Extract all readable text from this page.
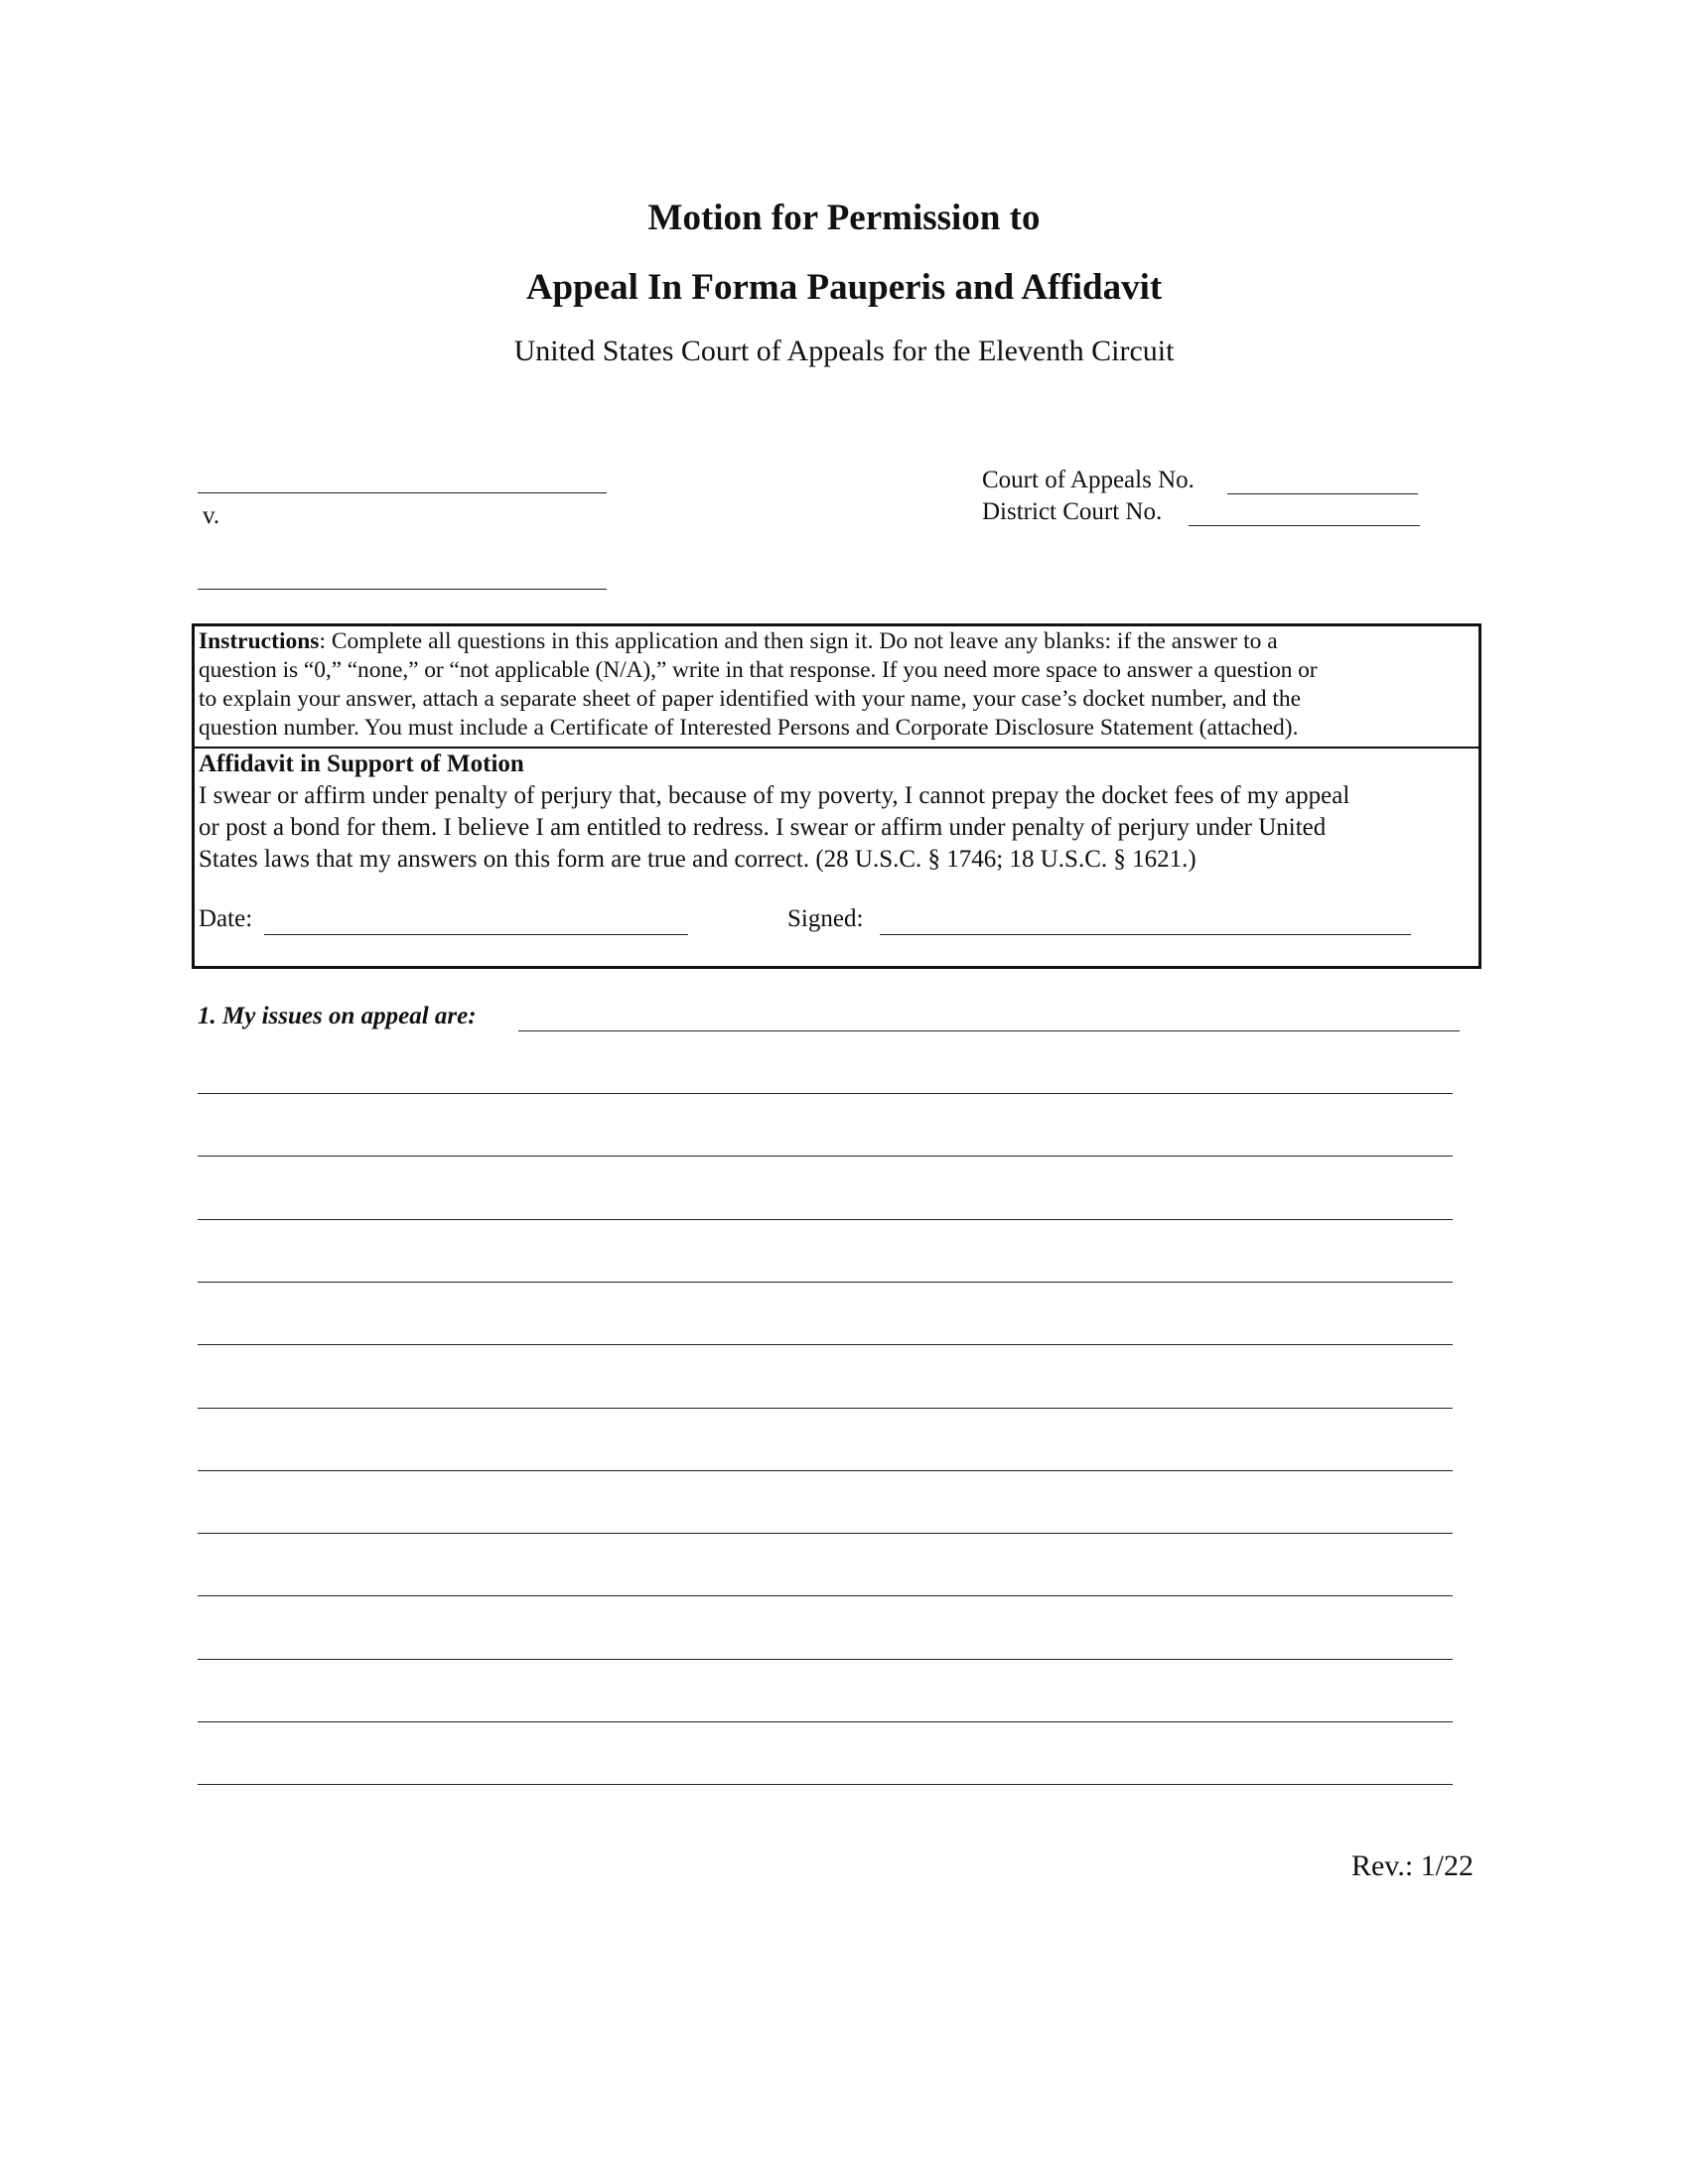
Motion for Permission to
Appeal In Forma Pauperis and Affidavit
United States Court of Appeals for the Eleventh Circuit
v.
Court of Appeals No.
District Court No.
Instructions: Complete all questions in this application and then sign it. Do not leave any blanks: if the answer to a
question is “0,” “none,” or “not applicable (N/A),” write in that response. If you need more space to answer a question or
to explain your answer, attach a separate sheet of paper identified with your name, your case’s docket number, and the
question number. You must include a Certificate of Interested Persons and Corporate Disclosure Statement (attached).
Affidavit in Support of Motion
I swear or affirm under penalty of perjury that, because of my poverty, I cannot prepay the docket fees of my appeal
or post a bond for them. I believe I am entitled to redress. I swear or affirm under penalty of perjury under United
States laws that my answers on this form are true and correct. (28 U.S.C. § 1746; 18 U.S.C. § 1621.)
Date:	Signed:
1. My issues on appeal are:
Rev.: 1/22
